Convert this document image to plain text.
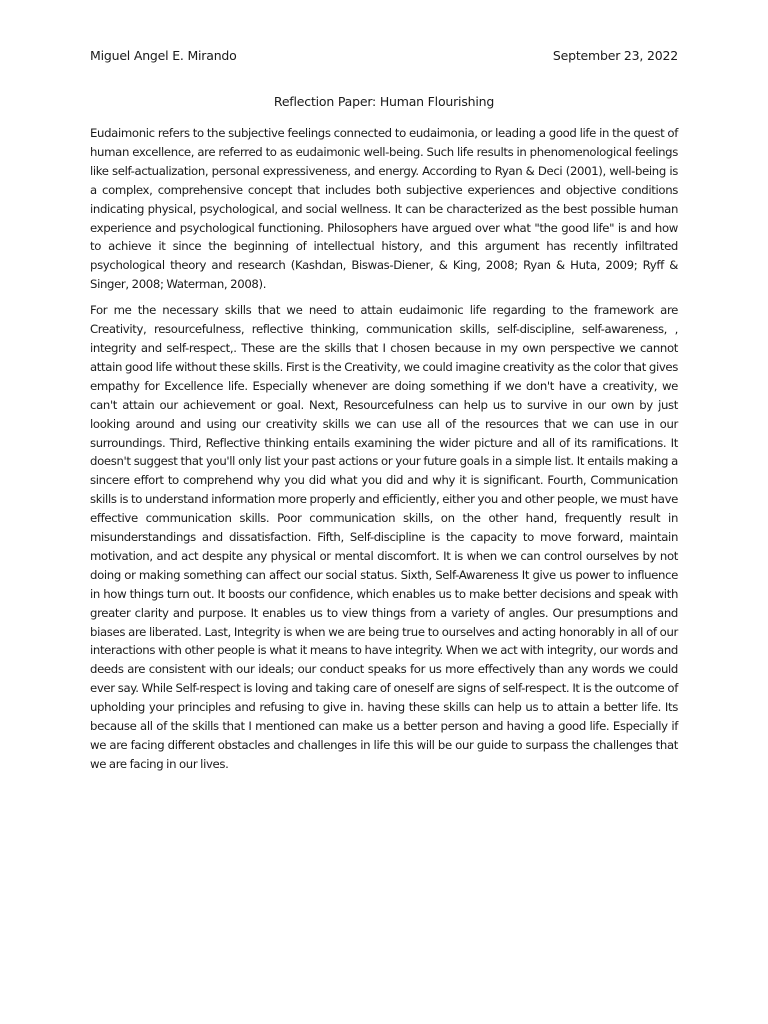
Miguel Angel E. Mirando	September 23, 2022
Reflection Paper: Human Flourishing

Eudaimonic refers to the subjective feelings connected to eudaimonia, or leading a good life in the quest of human excellence, are referred to as eudaimonic well-being. Such life results in phenomenological feelings like self-actualization, personal expressiveness, and energy. According to Ryan & Deci (2001), well-being is a complex, comprehensive concept that includes both subjective experiences and objective conditions indicating physical, psychological, and social wellness. It can be characterized as the best possible human experience and psychological functioning. Philosophers have argued over what "the good life" is and how to achieve it since the beginning of intellectual history, and this argument has recently infiltrated psychological theory and research (Kashdan, Biswas-Diener, & King, 2008; Ryan & Huta, 2009; Ryff & Singer, 2008; Waterman, 2008).

For me the necessary skills that we need to attain eudaimonic life regarding to the framework are Creativity, resourcefulness, reflective thinking, communication skills, self-discipline, self-awareness, , integrity and self-respect,. These are the skills that I chosen because in my own perspective we cannot attain good life without these skills. First is the Creativity, we could imagine creativity as the color that gives empathy for Excellence life. Especially whenever are doing something if we don't have a creativity, we can't attain our achievement or goal. Next, Resourcefulness can help us to survive in our own by just looking around and using our creativity skills we can use all of the resources that we can use in our surroundings. Third, Reflective thinking entails examining the wider picture and all of its ramifications. It doesn't suggest that you'll only list your past actions or your future goals in a simple list. It entails making a sincere effort to comprehend why you did what you did and why it is significant. Fourth, Communication skills is to understand information more properly and efficiently, either you and other people, we must have effective communication skills. Poor communication skills, on the other hand, frequently result in misunderstandings and dissatisfaction. Fifth, Self-discipline is the capacity to move forward, maintain motivation, and act despite any physical or mental discomfort. It is when we can control ourselves by not doing or making something can affect our social status. Sixth, Self-Awareness It give us power to influence in how things turn out. It boosts our confidence, which enables us to make better decisions and speak with greater clarity and purpose. It enables us to view things from a variety of angles. Our presumptions and biases are liberated. Last, Integrity is when we are being true to ourselves and acting honorably in all of our interactions with other people is what it means to have integrity. When we act with integrity, our words and deeds are consistent with our ideals; our conduct speaks for us more effectively than any words we could ever say. While Self-respect is loving and taking care of oneself are signs of self-respect. It is the outcome of upholding your principles and refusing to give in. having these skills can help us to attain a better life. Its because all of the skills that I mentioned can make us a better person and having a good life. Especially if we are facing different obstacles and challenges in life this will be our guide to surpass the challenges that we are facing in our lives.
